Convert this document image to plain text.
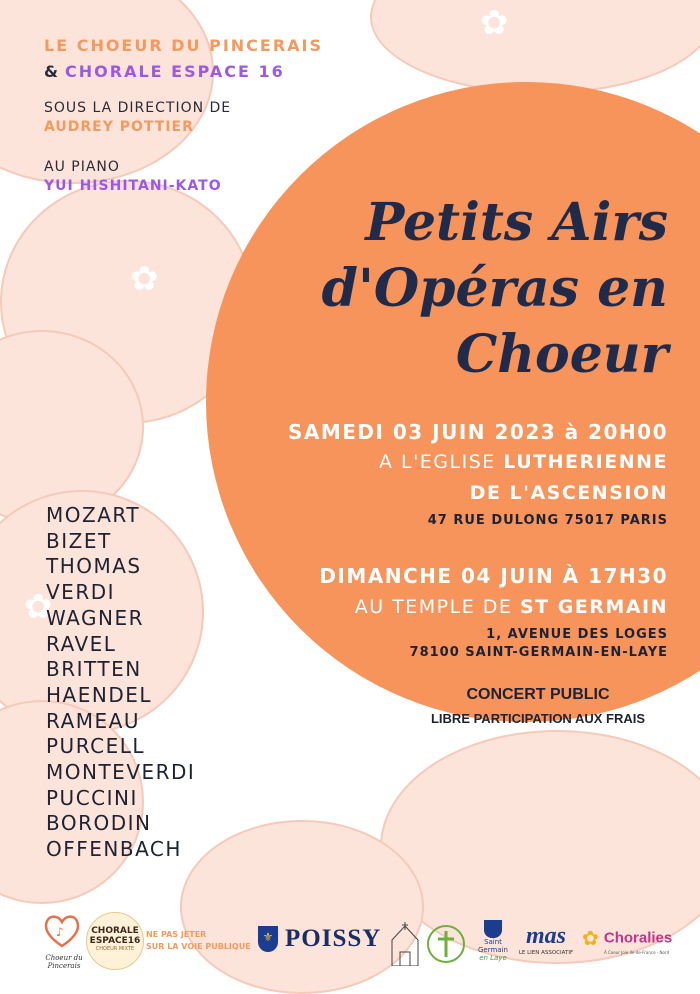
✿
✿
✿
LE CHOEUR DU PINCERAIS
& CHORALE ESPACE 16
SOUS LA DIRECTION DE
AUDREY POTTIER
AU PIANO
YUI HISHITANI-KATO
Petits Airs
d'Opéras en
Choeur
SAMEDI 03 JUIN 2023 à 20H00
A L'EGLISE LUTHERIENNE
DE L'ASCENSION
47 RUE DULONG 75017 PARIS
DIMANCHE 04 JUIN À 17H30
AU TEMPLE DE ST GERMAIN
1, AVENUE DES LOGES
78100 SAINT-GERMAIN-EN-LAYE
CONCERT PUBLIC
LIBRE PARTICIPATION AUX FRAIS
MOZART
BIZET
THOMAS
VERDI
WAGNER
RAVEL
BRITTEN
HAENDEL
RAMEAU
PURCELL
MONTEVERDI
PUCCINI
BORODIN
OFFENBACH
♪
Choeur du Pincerais
CHORALE
ESPACE16
CHOEUR MIXTE
NE PAS JETER
SUR LA VOIE PUBLIQUE
⚜ POISSY	Saint
Germain
en Laye
mas
LE LIEN ASSOCIATIF
✿ Choralies
À Coeur Joie Ile-de-France - Nord
